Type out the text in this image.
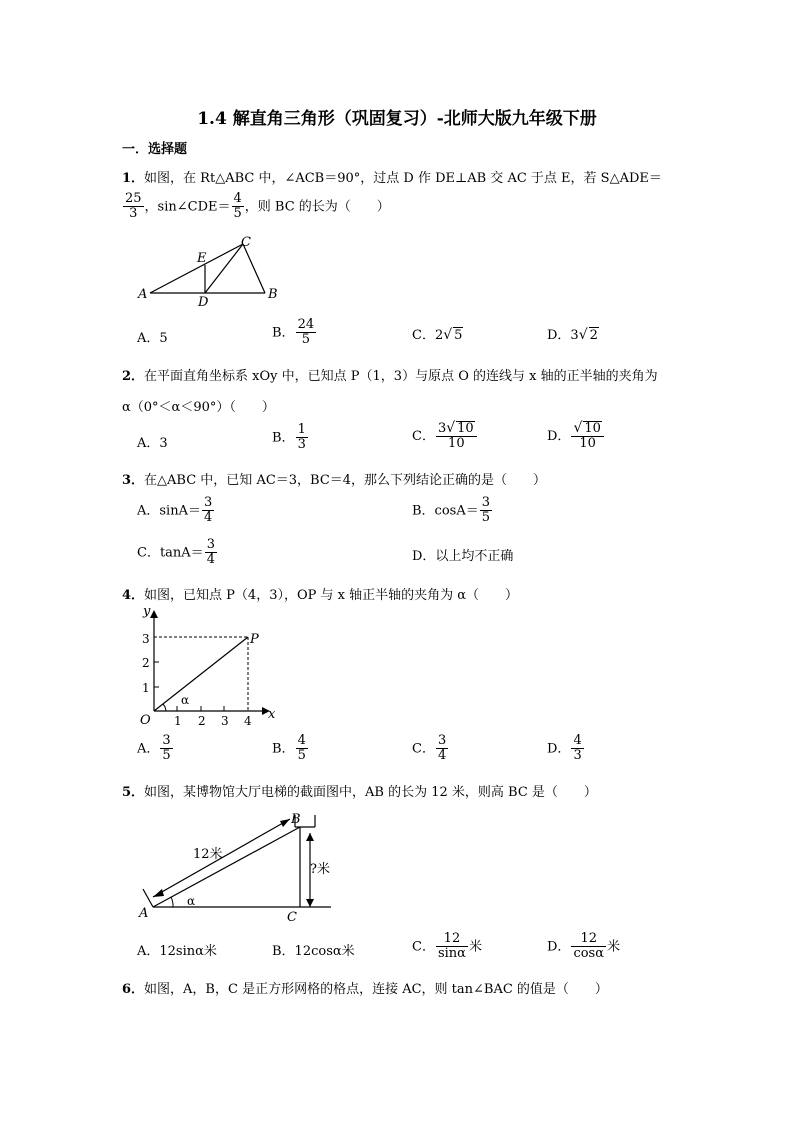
1.4 解直角三角形（巩固复习）-北师大版九年级下册
一．选择题
1．如图，在 Rt△ABC 中，∠ACB＝90°，过点 D 作 DE⊥AB 交 AC 于点 E，若 S△ADE＝
$\frac{25}{3}$ ，sin∠CDE＝ $\frac{4}{5}$ ，则 BC 的长为（　　）
A	B
C
D
E
A．5	B． $\frac{24}{5}$	C．2√ 5	D．3√ 2
2．在平面直角坐标系 xOy 中，已知点 P（1，3）与原点 O 的连线与 x 轴的正半轴的夹角为
α（0°＜α＜90°）（　　）
A．3	B． $\frac{1}{3}$	C． $\frac{3√ 10}{10}$	D． $\frac{√ 10}{10}$
3．在△ABC 中，已知 AC＝3，BC＝4，那么下列结论正确的是（　　）
A．$\sin A= \frac{3}{4}$	B．$\cos A= \frac{3}{5}$
C．$\tan A= \frac{3}{4}$	D．以上均不正确
4．如图，已知点 P（4，3），OP 与 x 轴正半轴的夹角为 α（　　）
y
x
O
P
α
1 2 3 4
1
2
3
A． $\frac{3}{5}$	B． $\frac{4}{5}$	C． $\frac{3}{4}$	D． $\frac{4}{3}$
5．如图，某博物馆大厅电梯的截面图中，AB 的长为 12 米，则高 BC 是（　　）
A
B
C
12米
?米
α
A．12sinα米	B．12cosα米	C． $\frac{12}{\sin\alpha}$ 米	D． $\frac{12}{\cos\alpha}$ 米
6．如图，A，B，C 是正方形网格的格点，连接 AC，则 tan∠BAC 的值是（　　）
